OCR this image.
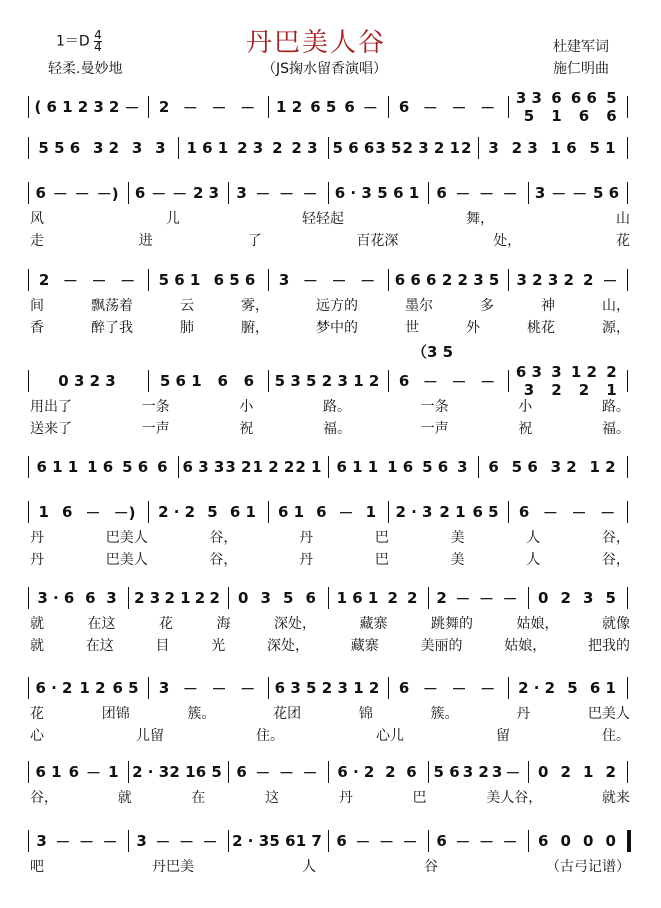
$1=D \frac{4}{4}$	丹巴美人谷
轻柔.曼妙地	（JS掬水留香演唱）
杜建军词
施仁明曲
( 6 1 2 3 2 －	2 － － －	1 2 6 5 6 －	6 － － －
3 3 5
6 1
6 6 6
5 6
5 5 6 3 2 3 3	1 6 1 2 3 2 2 3 5 6 6 3 5 2 3 2 1 2	3 2 3 1 6 5 1
6 － － －) 6 － － 2 3 3 － － － 6 · 3 5 6 1 6 － － － 3 － － 5 6
风	儿	轻轻起	舞，	山
走	进	了	百花深	处，	花
2 － － －	5 6 1 6 5 6	3 － － －	6 6 6 2 2 3 5	3 2 3 2 2 －
（3 5
间	飘荡着	云	雾，	远方的	墨尔	多	神	山，
香	醉了我	肺	腑，	梦中的	世	外	桃花	源，
0 3 2 3	5 6 1	6	6	5 3 5 2 3 1 2	6 － － －
6 3 3
3 2
1 2 2
2 1
用出了	一条	小	路。	一条	小	路。
送来了	一声	祝	福。	一声	祝	福。
6 1 1 1 6 5 6 6 6 3 3 3 2 1 2 2 2 1 6 1 1 1 6 5 6 3	6 5 6 3 2 1 2
1 6 － －)	2 · 2 5 6 1	6 1 6 － 1	2 · 3 2 1 6 5	6 － － －
丹	巴美人	谷，	丹	巴	美	人	谷，
丹	巴美人	谷，	丹	巴	美	人	谷，
3 · 6 6 3	2 3 2 1 2 2	0 3 5 6	1 6 1 2 2	2 － － －	0 2 3 5
就	在这	花	海	深处，	藏寨	跳舞的	姑娘，	就像
就	在这	目	光	深处，	藏寨	美丽的	姑娘，	把我的
6 · 2 1 2 6 5	3 － － －	6 3 5 2 3 1 2	6 － － －	2 · 2 5 6 1
花	团锦	簇。	花团	锦	簇。	丹	巴美人
心	儿留	住。	心儿	留	住。
6 1 6 － 1 2 · 3 2 1 6 5 6 － － －	6 · 2 2 6	5 6 3 2 3 －	0 2 1 2
谷，	就	在	这	丹	巴	美人谷，	就来
3 － － － 3 － － － 2 · 3 5 6 1 7 6 － － － 6 － － －	6 0 0 0
吧	丹巴美	人	谷	（古弓记谱）
